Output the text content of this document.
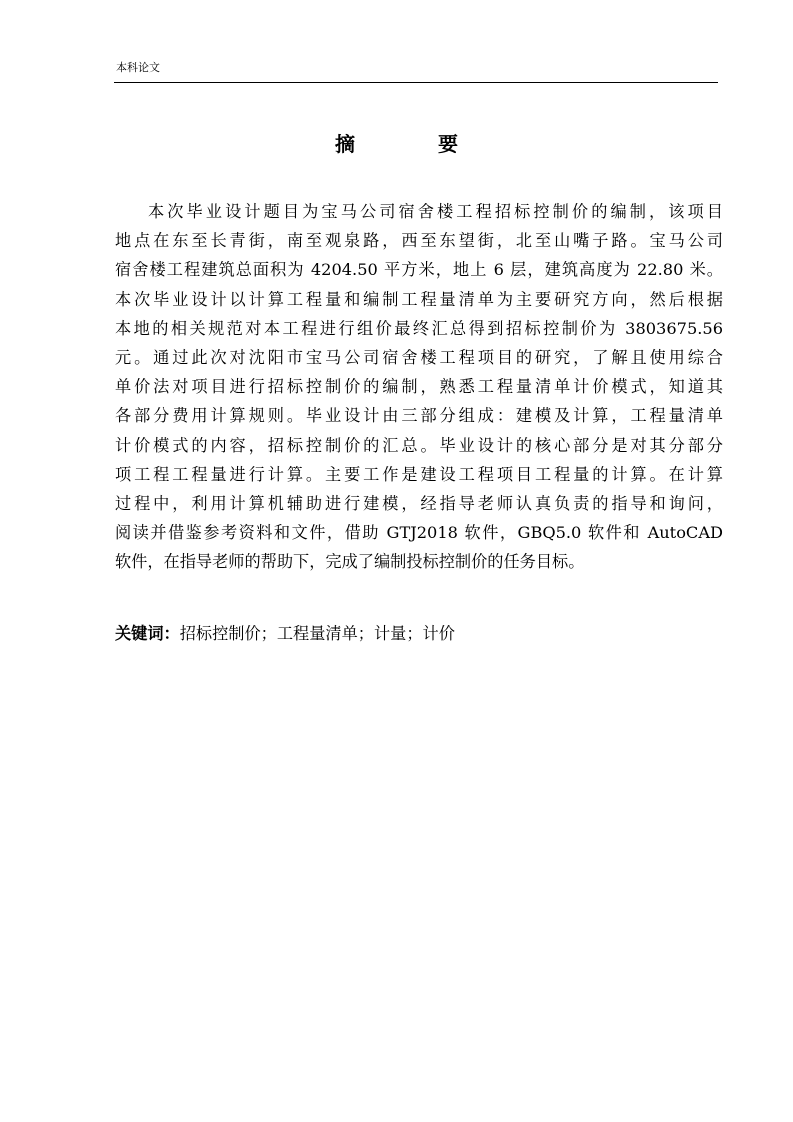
本科论文
摘 要
本次毕业设计题目为宝马公司宿舍楼工程招标控制价的编制，该项目
地点在东至长青街，南至观泉路，西至东望街，北至山嘴子路。宝马公司
宿舍楼工程建筑总面积为 4204.50 平方米，地上 6 层，建筑高度为 22.80 米。
本次毕业设计以计算工程量和编制工程量清单为主要研究方向，然后根据
本地的相关规范对本工程进行组价最终汇总得到招标控制价为 3803675.56
元。通过此次对沈阳市宝马公司宿舍楼工程项目的研究，了解且使用综合
单价法对项目进行招标控制价的编制，熟悉工程量清单计价模式，知道其
各部分费用计算规则。毕业设计由三部分组成：建模及计算，工程量清单
计价模式的内容，招标控制价的汇总。毕业设计的核心部分是对其分部分
项工程工程量进行计算。主要工作是建设工程项目工程量的计算。在计算
过程中，利用计算机辅助进行建模，经指导老师认真负责的指导和询问，
阅读并借鉴参考资料和文件，借助 GTJ2018 软件，GBQ5.0 软件和 AutoCAD
软件，在指导老师的帮助下，完成了编制投标控制价的任务目标。
关键词：招标控制价；工程量清单；计量；计价
